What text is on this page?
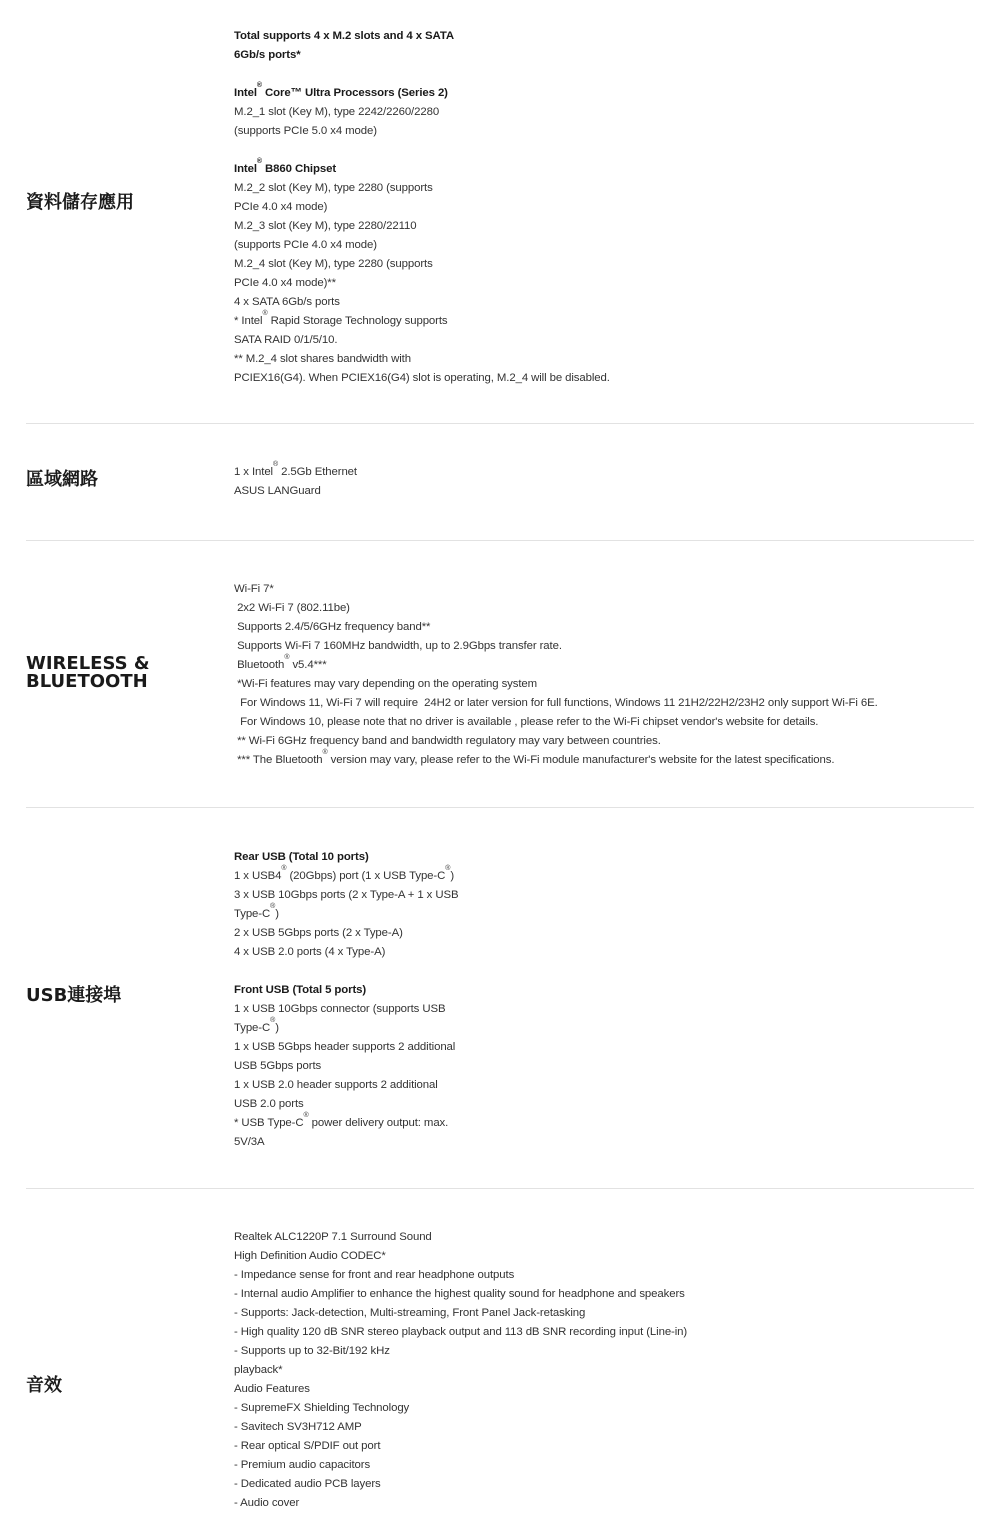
資料儲存應用
Total supports 4 x M.2 slots and 4 x SATA
6Gb/s ports*
Intel® Core™ Ultra Processors (Series 2)
M.2_1 slot (Key M), type 2242/2260/2280
(supports PCIe 5.0 x4 mode)
Intel® B860 Chipset
M.2_2 slot (Key M), type 2280 (supports
PCIe 4.0 x4 mode)
M.2_3 slot (Key M), type 2280/22110
(supports PCIe 4.0 x4 mode)
M.2_4 slot (Key M), type 2280 (supports
PCIe 4.0 x4 mode)**
4 x SATA 6Gb/s ports
* Intel® Rapid Storage Technology supports
SATA RAID 0/1/5/10.
** M.2_4 slot shares bandwidth with
PCIEX16(G4). When PCIEX16(G4) slot is operating, M.2_4 will be disabled.
區域網路	1 x Intel® 2.5Gb Ethernet
ASUS LANGuard
WIRELESS &
BLUETOOTH
Wi-Fi 7*
2x2 Wi-Fi 7 (802.11be)
Supports 2.4/5/6GHz frequency band**
Supports Wi-Fi 7 160MHz bandwidth, up to 2.9Gbps transfer rate.
Bluetooth® v5.4***
*Wi-Fi features may vary depending on the operating system
For Windows 11, Wi-Fi 7 will require  24H2 or later version for full functions, Windows 11 21H2/22H2/23H2 only support Wi-Fi 6E.
For Windows 10, please note that no driver is available , please refer to the Wi-Fi chipset vendor's website for details.
** Wi-Fi 6GHz frequency band and bandwidth regulatory may vary between countries.
*** The Bluetooth® version may vary, please refer to the Wi-Fi module manufacturer's website for the latest specifications.
USB連接埠
Rear USB (Total 10 ports)
1 x USB4® (20Gbps) port (1 x USB Type-C®)
3 x USB 10Gbps ports (2 x Type-A + 1 x USB
Type-C®)
2 x USB 5Gbps ports (2 x Type-A)
4 x USB 2.0 ports (4 x Type-A)
Front USB (Total 5 ports)
1 x USB 10Gbps connector (supports USB
Type-C®)
1 x USB 5Gbps header supports 2 additional
USB 5Gbps ports
1 x USB 2.0 header supports 2 additional
USB 2.0 ports
* USB Type-C® power delivery output: max.
5V/3A
音效
Realtek ALC1220P 7.1 Surround Sound
High Definition Audio CODEC*
- Impedance sense for front and rear headphone outputs
- Internal audio Amplifier to enhance the highest quality sound for headphone and speakers
- Supports: Jack-detection, Multi-streaming, Front Panel Jack-retasking
- High quality 120 dB SNR stereo playback output and 113 dB SNR recording input (Line-in)
- Supports up to 32-Bit/192 kHz
playback*
Audio Features
- SupremeFX Shielding Technology
- Savitech SV3H712 AMP
- Rear optical S/PDIF out port
- Premium audio capacitors
- Dedicated audio PCB layers
- Audio cover
